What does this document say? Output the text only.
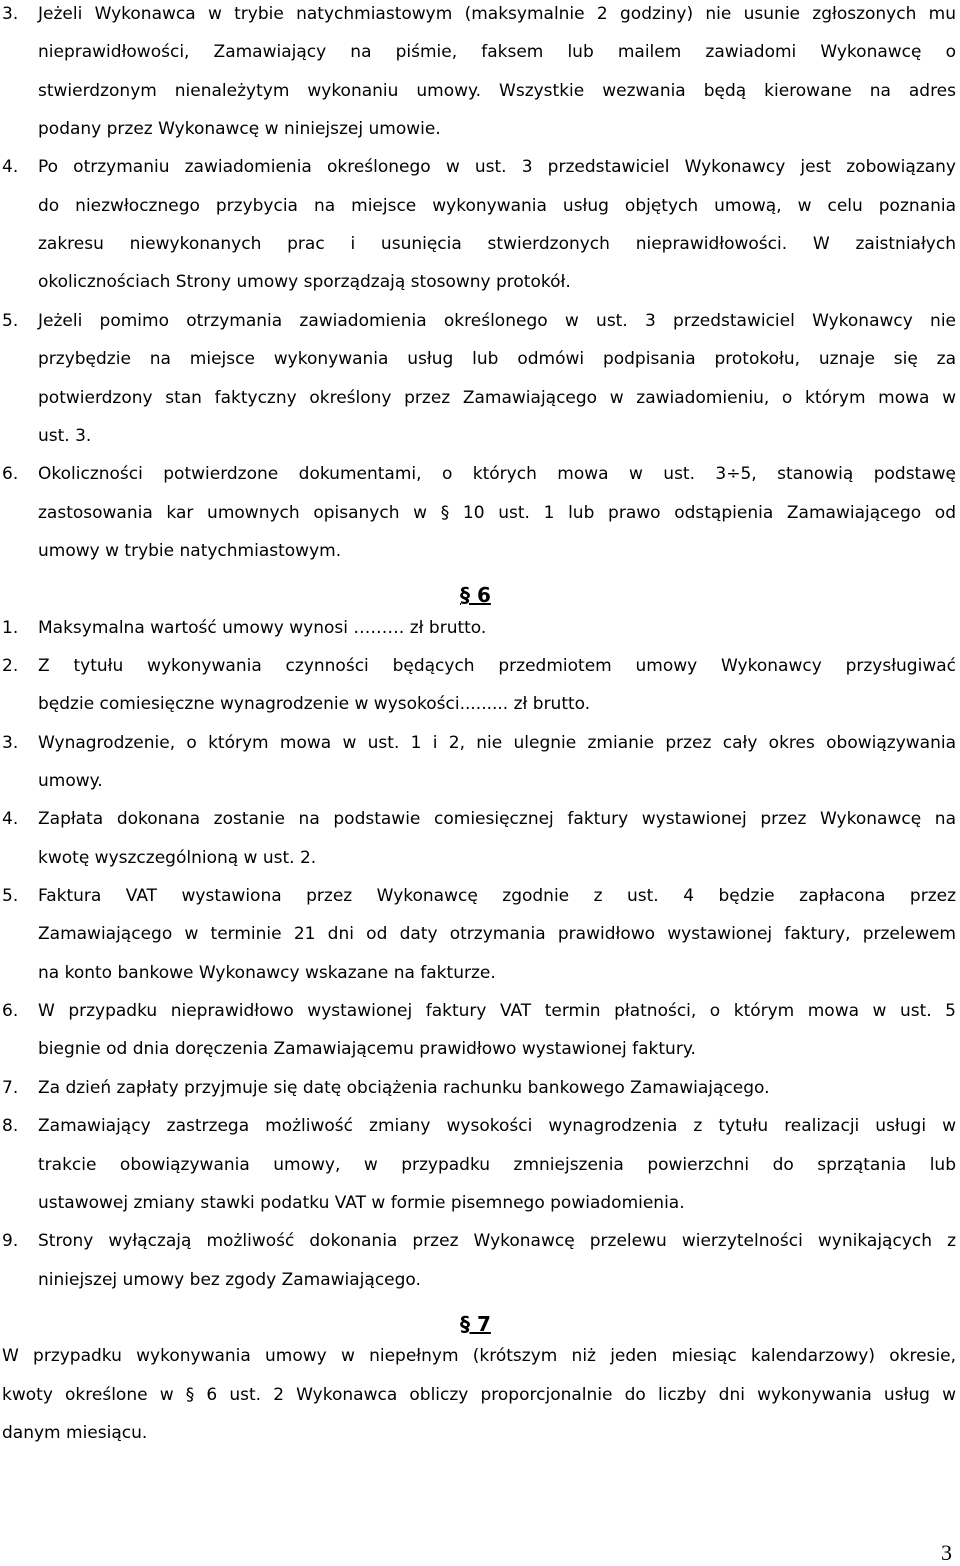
3. Jeżeli Wykonawca w trybie natychmiastowym (maksymalnie 2 godziny) nie usunie zgłoszonych mu
nieprawidłowości, Zamawiający na piśmie, faksem lub mailem zawiadomi Wykonawcę o
stwierdzonym nienależytym wykonaniu umowy. Wszystkie wezwania będą kierowane na adres
podany przez Wykonawcę w niniejszej umowie.
4. Po otrzymaniu zawiadomienia określonego w ust. 3 przedstawiciel Wykonawcy jest zobowiązany
do niezwłocznego przybycia na miejsce wykonywania usług objętych umową, w celu poznania
zakresu niewykonanych prac i usunięcia stwierdzonych nieprawidłowości. W zaistniałych
okolicznościach Strony umowy sporządzają stosowny protokół.
5. Jeżeli pomimo otrzymania zawiadomienia określonego w ust. 3 przedstawiciel Wykonawcy nie
przybędzie na miejsce wykonywania usług lub odmówi podpisania protokołu, uznaje się za
potwierdzony stan faktyczny określony przez Zamawiającego w zawiadomieniu, o którym mowa w
ust. 3.
6. Okoliczności potwierdzone dokumentami, o których mowa w ust. 3÷5, stanowią podstawę
zastosowania kar umownych opisanych w § 10 ust. 1 lub prawo odstąpienia Zamawiającego od
umowy w trybie natychmiastowym.
§ 6
1. Maksymalna wartość umowy wynosi ……… zł brutto.
2. Z tytułu wykonywania czynności będących przedmiotem umowy Wykonawcy przysługiwać
będzie comiesięczne wynagrodzenie w wysokości......... zł brutto.
3. Wynagrodzenie, o którym mowa w ust. 1 i 2, nie ulegnie zmianie przez cały okres obowiązywania
umowy.
4. Zapłata dokonana zostanie na podstawie comiesięcznej faktury wystawionej przez Wykonawcę na
kwotę wyszczególnioną w ust. 2.
5. Faktura VAT wystawiona przez Wykonawcę zgodnie z ust. 4 będzie zapłacona przez
Zamawiającego w terminie 21 dni od daty otrzymania prawidłowo wystawionej faktury, przelewem
na konto bankowe Wykonawcy wskazane na fakturze.
6. W przypadku nieprawidłowo wystawionej faktury VAT termin płatności, o którym mowa w ust. 5
biegnie od dnia doręczenia Zamawiającemu prawidłowo wystawionej faktury.
7. Za dzień zapłaty przyjmuje się datę obciążenia rachunku bankowego Zamawiającego.
8. Zamawiający zastrzega możliwość zmiany wysokości wynagrodzenia z tytułu realizacji usługi w
trakcie obowiązywania umowy, w przypadku zmniejszenia powierzchni do sprzątania lub
ustawowej zmiany stawki podatku VAT w formie pisemnego powiadomienia.
9. Strony wyłączają możliwość dokonania przez Wykonawcę przelewu wierzytelności wynikających z
niniejszej umowy bez zgody Zamawiającego.
§ 7
W przypadku wykonywania umowy w niepełnym (krótszym niż jeden miesiąc kalendarzowy) okresie,
kwoty określone w § 6 ust. 2 Wykonawca obliczy proporcjonalnie do liczby dni wykonywania usług w
danym miesiącu.
3
